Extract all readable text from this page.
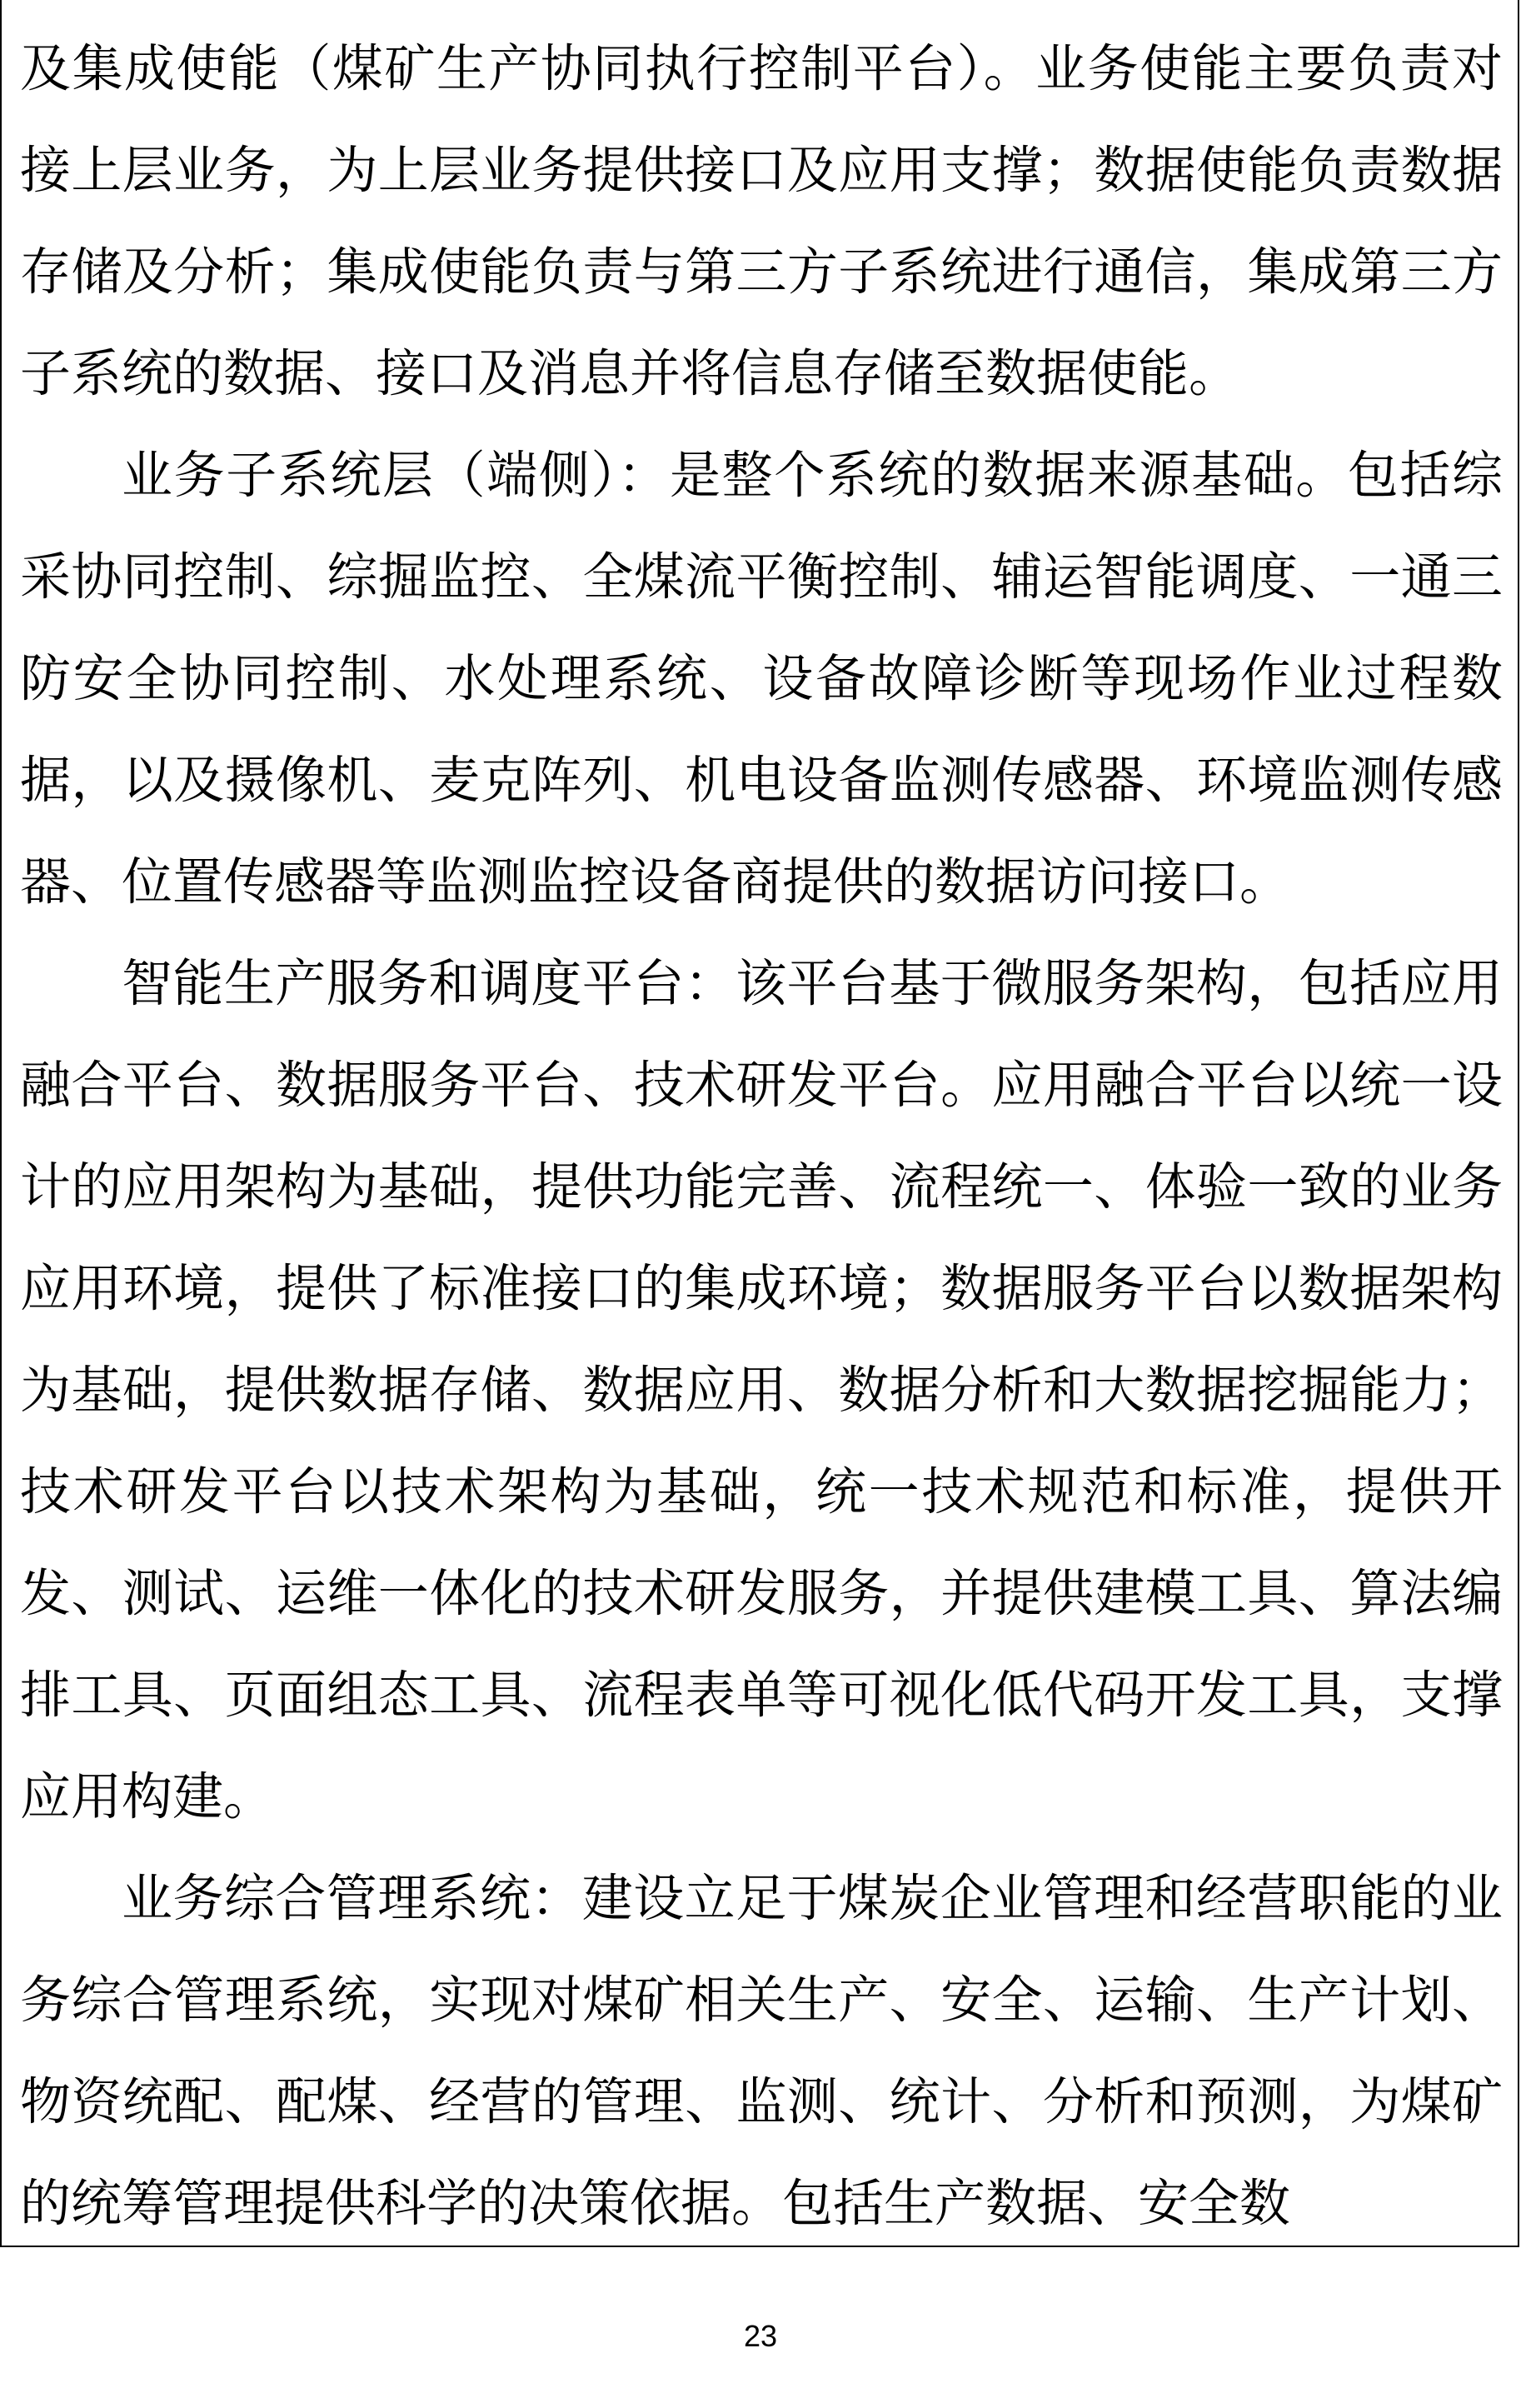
及集成使能（煤矿生产协同执行控制平台）。业务使能主要负责对接上层业务，为上层业务提供接口及应用支撑；数据使能负责数据存储及分析；集成使能负责与第三方子系统进行通信，集成第三方子系统的数据、接口及消息并将信息存储至数据使能。

业务子系统层（端侧）：是整个系统的数据来源基础。包括综采协同控制、综掘监控、全煤流平衡控制、辅运智能调度、一通三防安全协同控制、水处理系统、设备故障诊断等现场作业过程数据，以及摄像机、麦克阵列、机电设备监测传感器、环境监测传感器、位置传感器等监测监控设备商提供的数据访问接口。

智能生产服务和调度平台：该平台基于微服务架构，包括应用融合平台、数据服务平台、技术研发平台。应用融合平台以统一设计的应用架构为基础，提供功能完善、流程统一、体验一致的业务应用环境，提供了标准接口的集成环境；数据服务平台以数据架构为基础，提供数据存储、数据应用、数据分析和大数据挖掘能力；技术研发平台以技术架构为基础，统一技术规范和标准，提供开发、测试、运维一体化的技术研发服务，并提供建模工具、算法编排工具、页面组态工具、流程表单等可视化低代码开发工具，支撑应用构建。

业务综合管理系统：建设立足于煤炭企业管理和经营职能的业务综合管理系统，实现对煤矿相关生产、安全、运输、生产计划、物资统配、配煤、经营的管理、监测、统计、分析和预测，为煤矿的统筹管理提供科学的决策依据。包括生产数据、安全数

23
